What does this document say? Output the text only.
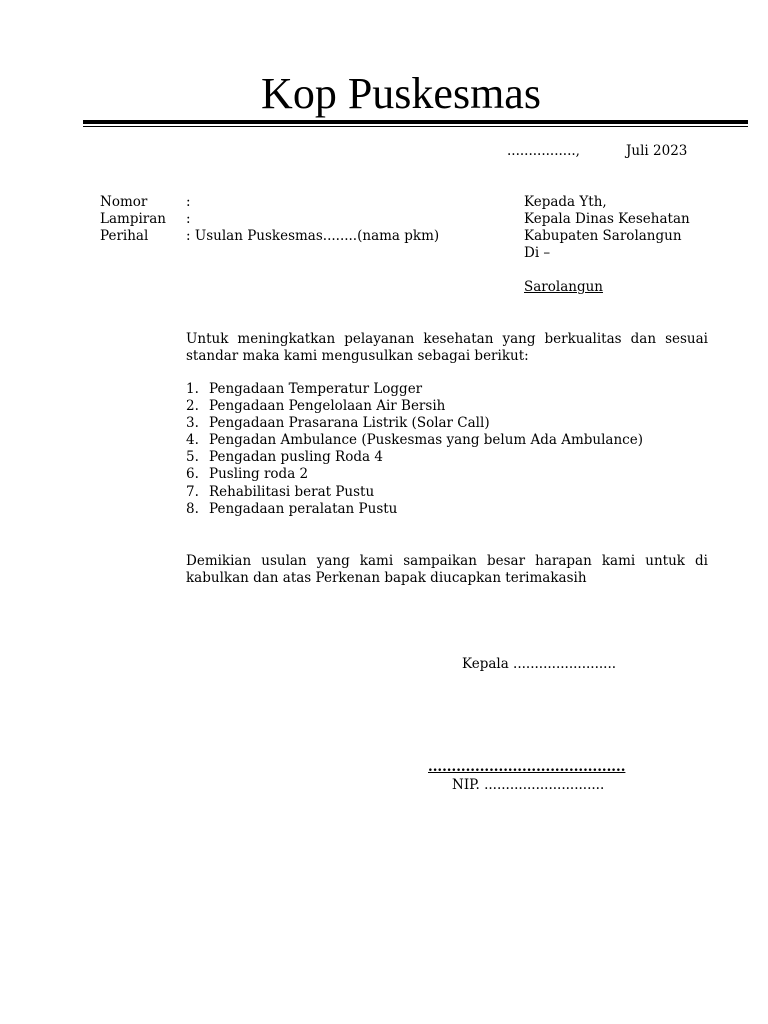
Kop Puskesmas
................,	Juli 2023
Nomor	:
Lampiran :
Perihal	: Usulan Puskesmas........(nama pkm)
Kepada Yth,
Kepala Dinas Kesehatan
Kabupaten Sarolangun
Di –
Sarolangun
Untuk meningkatkan pelayanan kesehatan yang berkualitas dan sesuai standar maka kami mengusulkan sebagai berikut:
1. Pengadaan Temperatur Logger
2. Pengadaan Pengelolaan Air Bersih
3. Pengadaan Prasarana Listrik (Solar Call)
4. Pengadan Ambulance (Puskesmas yang belum Ada Ambulance)
5. Pengadan pusling Roda 4
6. Pusling roda 2
7. Rehabilitasi berat Pustu
8. Pengadaan peralatan Pustu
Demikian usulan yang kami sampaikan besar harapan kami untuk di kabulkan dan atas Perkenan bapak diucapkan terimakasih
Kepala ........................
..........................................
NIP. ............................
